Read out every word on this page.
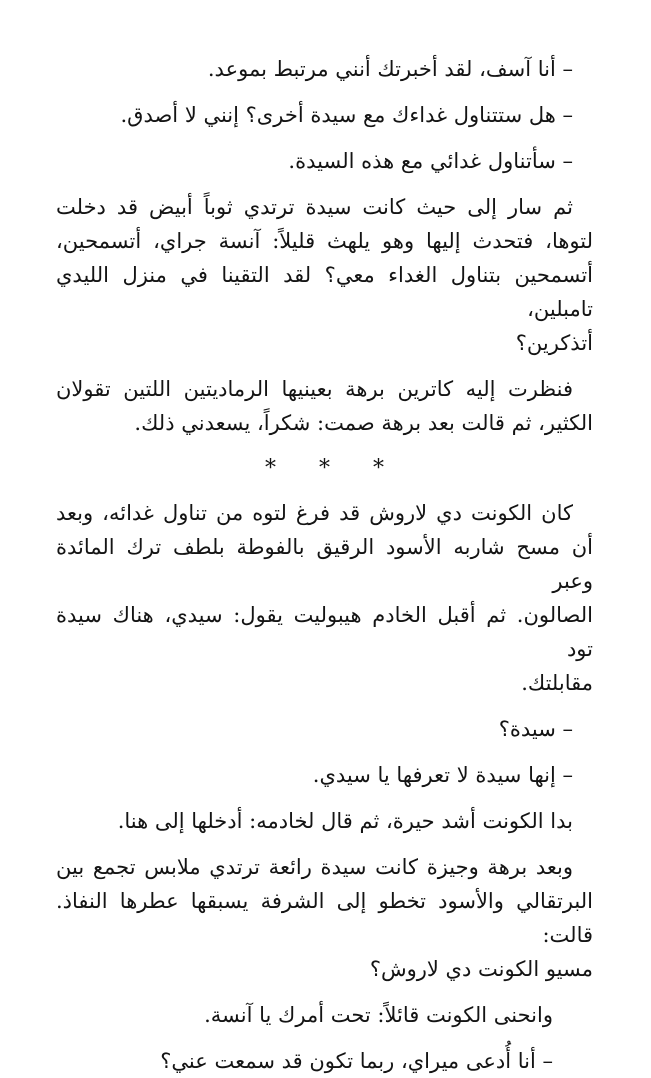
– أنا آسف، لقد أخبرتك أنني مرتبط بموعد.
– هل ستتناول غداءك مع سيدة أخرى؟ إنني لا أصدق.
– سأتناول غدائي مع هذه السيدة.
ثم سار إلى حيث كانت سيدة ترتدي ثوباً أبيض قد دخلت
لتوها، فتحدث إليها وهو يلهث قليلاً: آنسة جراي، أتسمحين،
أتسمحين بتناول الغداء معي؟ لقد التقينا في منزل الليدي تامبلين،
أتذكرين؟
فنظرت إليه كاترين برهة بعينيها الرماديتين اللتين تقولان
الكثير، ثم قالت بعد برهة صمت: شكراً، يسعدني ذلك.
* * *
كان الكونت دي لاروش قد فرغ لتوه من تناول غدائه، وبعد
أن مسح شاربه الأسود الرقيق بالفوطة بلطف ترك المائدة وعبر
الصالون. ثم أقبل الخادم هيبوليت يقول: سيدي، هناك سيدة تود
مقابلتك.
– سيدة؟
– إنها سيدة لا تعرفها يا سيدي.
بدا الكونت أشد حيرة، ثم قال لخادمه: أدخلها إلى هنا.
وبعد برهة وجيزة كانت سيدة رائعة ترتدي ملابس تجمع بين
البرتقالي والأسود تخطو إلى الشرفة يسبقها عطرها النفاذ. قالت:
مسيو الكونت دي لاروش؟
وانحنى الكونت قائلاً: تحت أمرك يا آنسة.
– أنا أُدعى ميراي، ربما تكون قد سمعت عني؟
